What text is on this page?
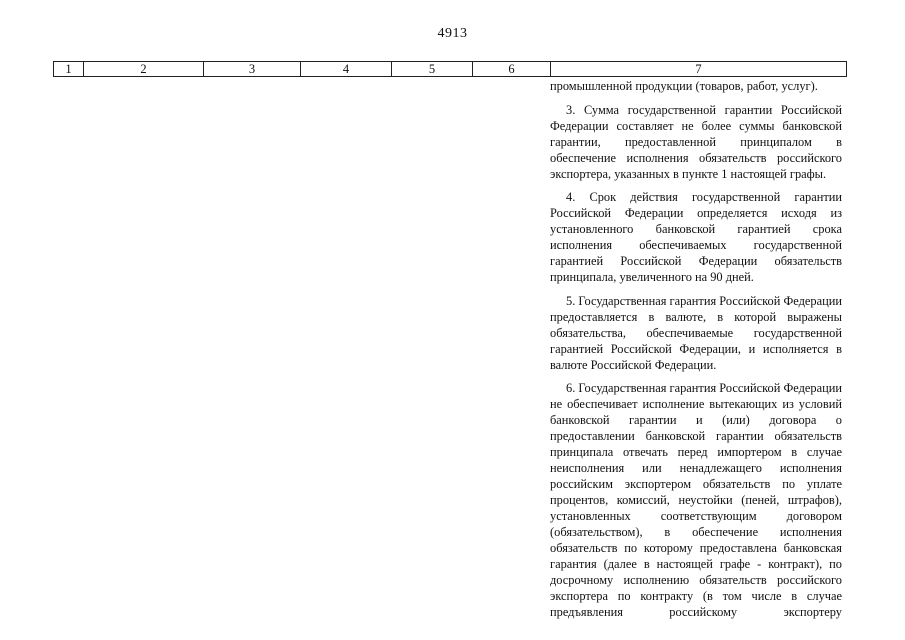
4913
1	2	3	4	5	6	7

промышленной продукции (товаров, работ, услуг).

3. Сумма государственной гарантии Российской Федерации составляет не более суммы банковской гарантии, предоставленной принципалом в обеспечение исполнения обязательств российского экспортера, указанных в пункте 1 настоящей графы.

4. Срок действия государственной гарантии Российской Федерации определяется исходя из установленного банковской гарантией срока исполнения обеспечиваемых государственной гарантией Российской Федерации обязательств принципала, увеличенного на 90 дней.

5. Государственная гарантия Российской Федерации предоставляется в валюте, в которой выражены обязательства, обеспечиваемые государственной гарантией Российской Федерации, и исполняется в валюте Российской Федерации.

6. Государственная гарантия Российской Федерации не обеспечивает исполнение вытекающих из условий банковской гарантии и (или) договора о предоставлении банковской гарантии обязательств принципала отвечать перед импортером в случае неисполнения или ненадлежащего исполнения российским экспортером обязательств по уплате процентов, комиссий, неустойки (пеней, штрафов), установленных соответствующим договором (обязательством), в обеспечение исполнения обязательств по которому предоставлена банковская гарантия (далее в настоящей графе - контракт), по досрочному исполнению обязательств российского экспортера по контракту (в том числе в случае предъявления российскому экспортеру
